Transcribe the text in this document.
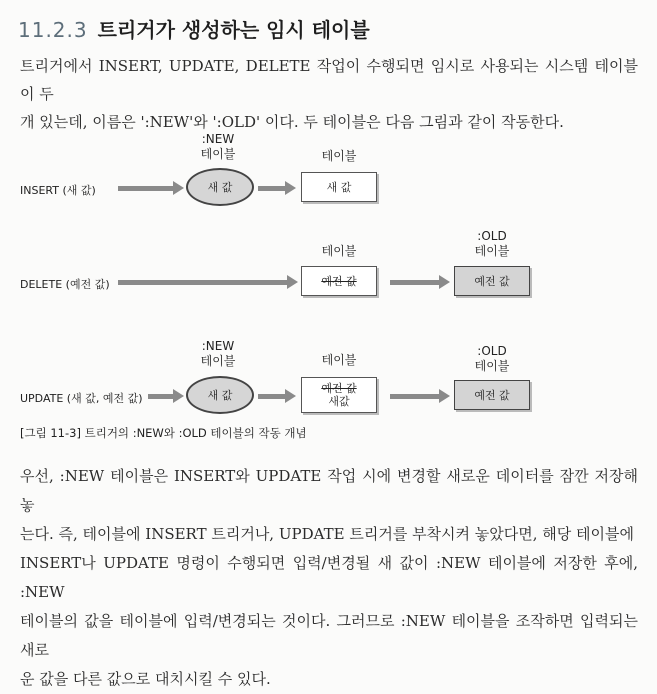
11.2.3 트리거가 생성하는 임시 테이블
트리거에서 INSERT, UPDATE, DELETE 작업이 수행되면 임시로 사용되는 시스템 테이블이 두
개 있는데, 이름은 ':NEW'와 ':OLD' 이다. 두 테이블은 다음 그림과 같이 작동한다.
INSERT (새 값)
:NEW
테이블
새 값
테이블
새 값
DELETE (예전 값)
테이블
예전 값
:OLD
테이블
예전 값
UPDATE (새 값, 예전 값)
:NEW
테이블
새 값
테이블
예전 값
새값
:OLD
테이블
예전 값
[그림 11-3] 트리거의 :NEW와 :OLD 테이블의 작동 개념
우선, :NEW 테이블은 INSERT와 UPDATE 작업 시에 변경할 새로운 데이터를 잠깐 저장해 놓
는다. 즉, 테이블에 INSERT 트리거나, UPDATE 트리거를 부착시켜 놓았다면, 해당 테이블에
INSERT나 UPDATE 명령이 수행되면 입력/변경될 새 값이 :NEW 테이블에 저장한 후에, :NEW
테이블의 값을 테이블에 입력/변경되는 것이다. 그러므로 :NEW 테이블을 조작하면 입력되는 새로
운 값을 다른 값으로 대치시킬 수 있다.
